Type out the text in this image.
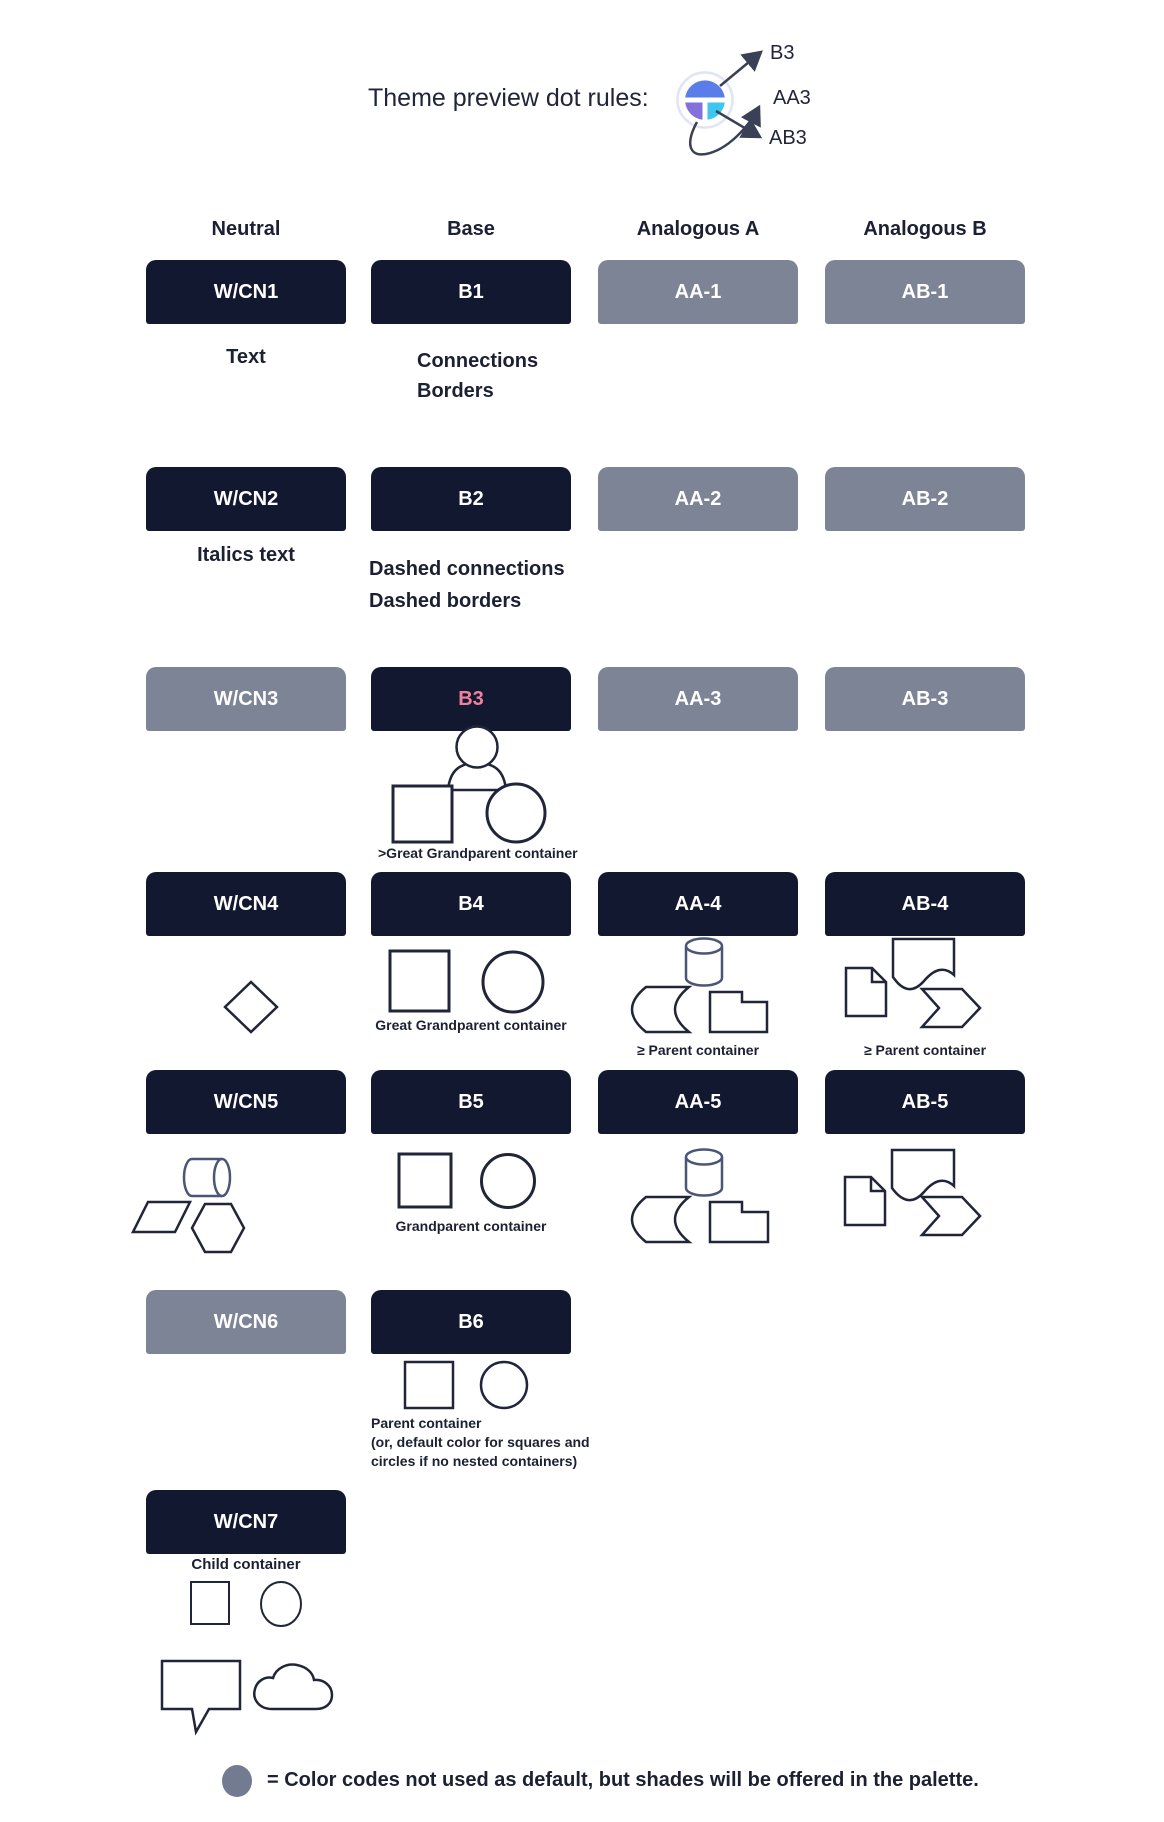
Theme preview dot rules:
B3
AA3
AB3
Neutral	Base	Analogous A	Analogous B
W/CN1	B1	AA-1	AB-1
W/CN2	B2	AA-2	AB-2
W/CN3	B3	AA-3	AB-3
W/CN4	B4	AA-4	AB-4
W/CN5	B5	AA-5	AB-5
W/CN6	B6
W/CN7
Text	Connections
Borders
Italics text
Dashed connections
Dashed borders
>Great Grandparent container
Great Grandparent container
≥ Parent container	≥ Parent container
Grandparent container
Parent container
(or, default color for squares and
circles if no nested containers)
Child container
= Color codes not used as default, but shades will be offered in the palette.
